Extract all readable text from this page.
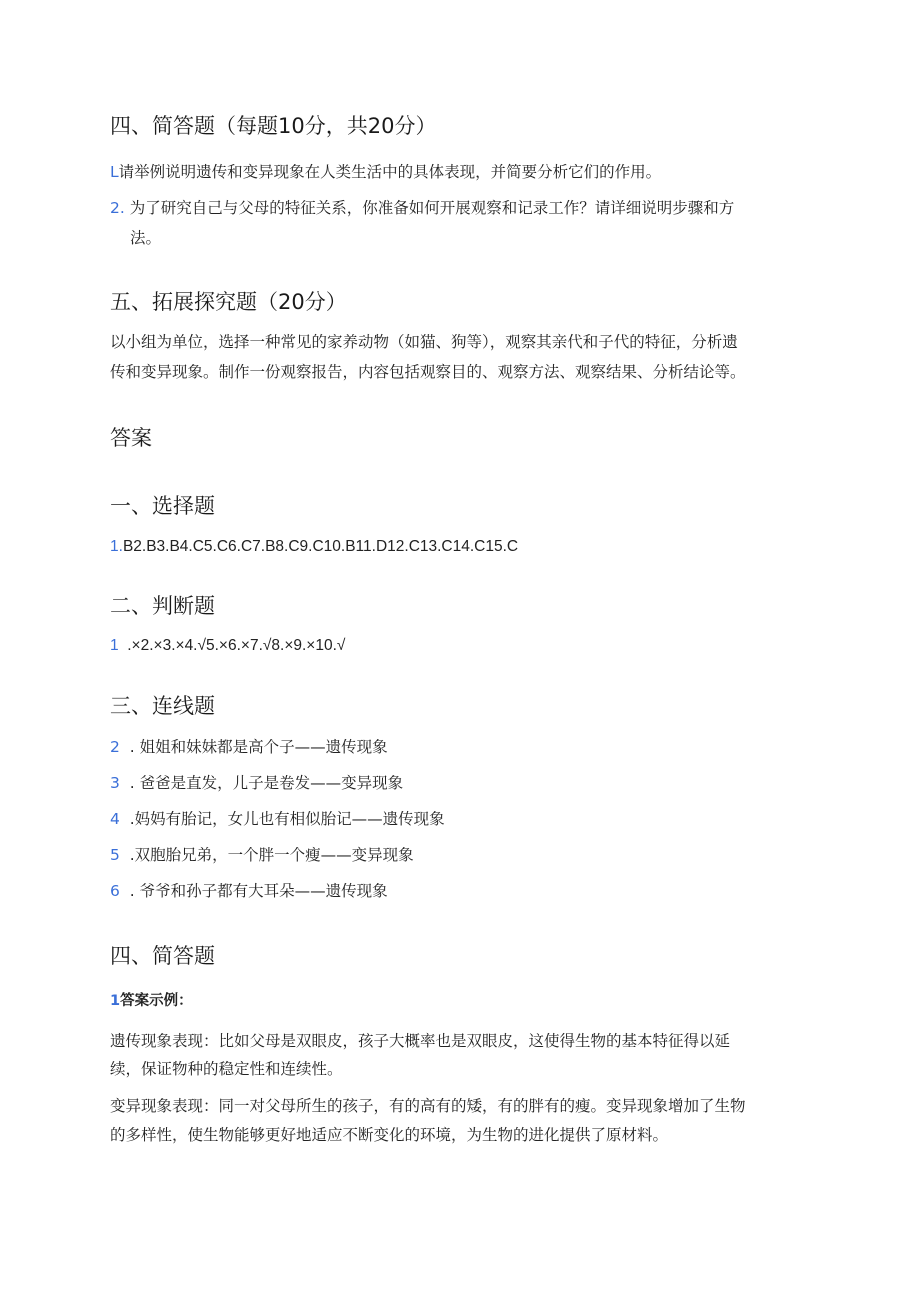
四、简答题（每题10分，共20分）
L请举例说明遗传和变异现象在人类生活中的具体表现，并简要分析它们的作用。
2. 为了研究自己与父母的特征关系，你准备如何开展观察和记录工作？请详细说明步骤和方
法。
五、拓展探究题（20分）
以小组为单位，选择一种常见的家养动物（如猫、狗等），观察其亲代和子代的特征，分析遗
传和变异现象。制作一份观察报告，内容包括观察目的、观察方法、观察结果、分析结论等。
答案
一、选择题
1.B2.B3.B4.C5.C6.C7.B8.C9.C10.B11.D12.C13.C14.C15.C
二、判断题
1 .×2.×3.×4.√5.×6.×7.√8.×9.×10.√
三、连线题
2 . 姐姐和妹妹都是高个子——遗传现象
3 . 爸爸是直发，儿子是卷发——变异现象
4 .妈妈有胎记，女儿也有相似胎记——遗传现象
5 .双胞胎兄弟，一个胖一个瘦——变异现象
6 . 爷爷和孙子都有大耳朵——遗传现象
四、简答题
1答案示例：
遗传现象表现：比如父母是双眼皮，孩子大概率也是双眼皮，这使得生物的基本特征得以延
续，保证物种的稳定性和连续性。
变异现象表现：同一对父母所生的孩子，有的高有的矮，有的胖有的瘦。变异现象增加了生物
的多样性，使生物能够更好地适应不断变化的环境，为生物的进化提供了原材料。
